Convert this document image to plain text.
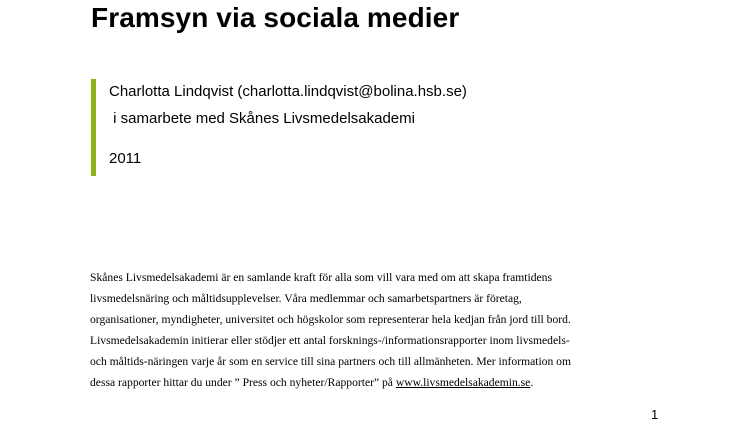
Framsyn via sociala medier
Charlotta Lindqvist (charlotta.lindqvist@bolina.hsb.se)
i samarbete med Skånes Livsmedelsakademi
2011
Skånes Livsmedelsakademi är en samlande kraft för alla som vill vara med om att skapa framtidens
livsmedelsnäring och måltidsupplevelser. Våra medlemmar och samarbetspartners är företag,
organisationer, myndigheter, universitet och högskolor som representerar hela kedjan från jord till bord.
Livsmedelsakademin initierar eller stödjer ett antal forsknings-/informationsrapporter inom livsmedels-
och måltids-näringen varje år som en service till sina partners och till allmänheten. Mer information om
dessa rapporter hittar du under ” Press och nyheter/Rapporter” på www.livsmedelsakademin.se.
1
